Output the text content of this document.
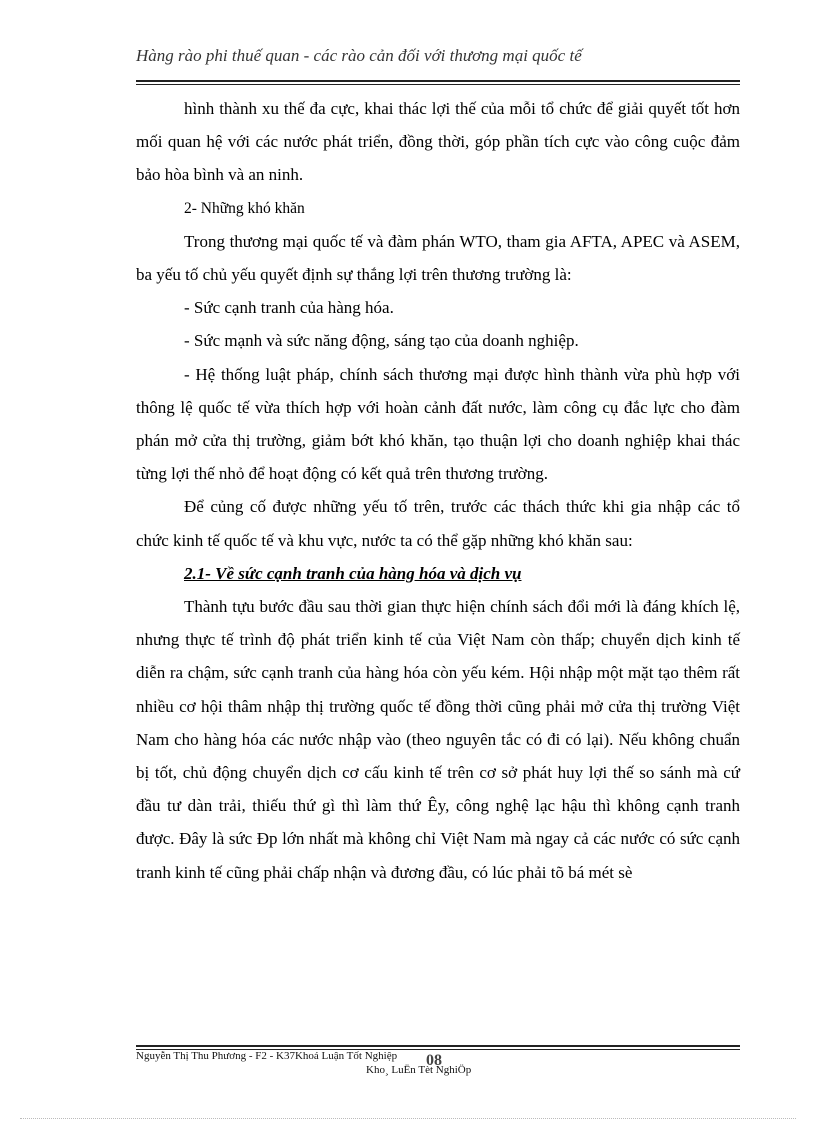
Hàng rào phi thuế quan - các rào cản đối với thương mại quốc tế

hình thành xu thế đa cực, khai thác lợi thế của mỗi tổ chức để giải quyết tốt hơn mối quan hệ với các nước phát triển, đồng thời, góp phần tích cực vào công cuộc đảm bảo hòa bình và an ninh.

2- Những khó khăn

Trong thương mại quốc tế và đàm phán WTO, tham gia AFTA, APEC và ASEM, ba yếu tố chủ yếu quyết định sự thắng lợi trên thương trường là:

- Sức cạnh tranh của hàng hóa.

- Sức mạnh và sức năng động, sáng tạo của doanh nghiệp.

- Hệ thống luật pháp, chính sách thương mại được hình thành vừa phù hợp với thông lệ quốc tế vừa thích hợp với hoàn cảnh đất nước, làm công cụ đắc lực cho đàm phán mở cửa thị trường, giảm bớt khó khăn, tạo thuận lợi cho doanh nghiệp khai thác từng lợi thế nhỏ để hoạt động có kết quả trên thương trường.

Để củng cố được những yếu tố trên, trước các thách thức khi gia nhập các tổ chức kinh tế quốc tế và khu vực, nước ta có thể gặp những khó khăn sau:

2.1- Về sức cạnh tranh của hàng hóa và dịch vụ

Thành tựu bước đầu sau thời gian thực hiện chính sách đổi mới là đáng khích lệ, nhưng thực tế trình độ phát triển kinh tế của Việt Nam còn thấp; chuyển dịch kinh tế diễn ra chậm, sức cạnh tranh của hàng hóa còn yếu kém. Hội nhập một mặt tạo thêm rất nhiều cơ hội thâm nhập thị trường quốc tế đồng thời cũng phải mở cửa thị trường Việt Nam cho hàng hóa các nước nhập vào (theo nguyên tắc có đi có lại). Nếu không chuẩn bị tốt, chủ động chuyển dịch cơ cấu kinh tế trên cơ sở phát huy lợi thế so sánh mà cứ đầu tư dàn trải, thiếu thứ gì thì làm thứ Êy, công nghệ lạc hậu thì không cạnh tranh được. Đây là sức Ðp lớn nhất mà không chỉ Việt Nam mà ngay cả các nước có sức cạnh tranh kinh tế cũng phải chấp nhận và đương đầu, có lúc phải tõ bá mét sè

Nguyễn Thị Thu Phương - F2 - K37Khoá Luận Tốt Nghiệp 08
Kho¸ LuËn Tèt NghiÖp
